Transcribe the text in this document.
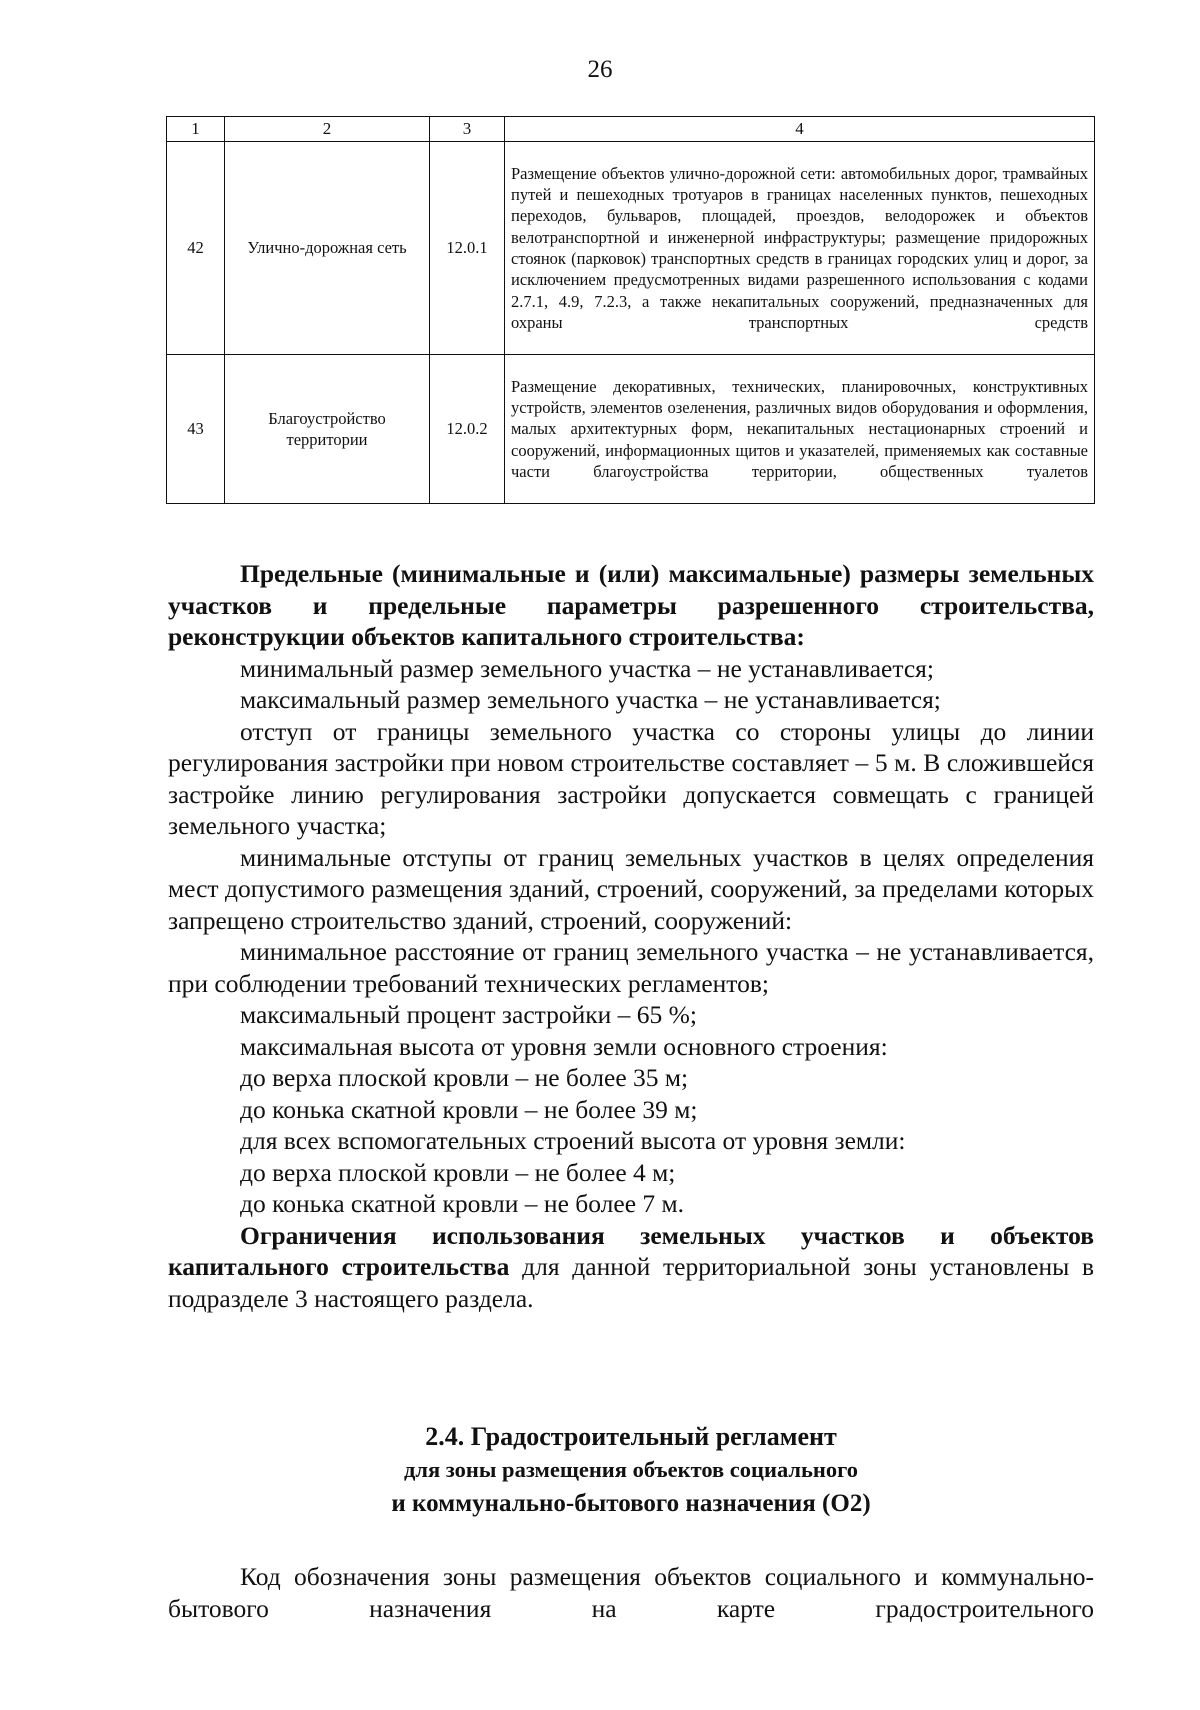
26
1	2	3	4
42	Улично-дорожная сеть	12.0.1	Размещение объектов улично-дорожной сети: автомобильных дорог, трамвайных путей и пешеходных тротуаров в границах населенных пунктов, пешеходных переходов, бульваров, площадей, проездов, велодорожек и объектов велотранспортной и инженерной инфраструктуры; размещение придорожных стоянок (парковок) транспортных средств в границах городских улиц и дорог, за исключением предусмотренных видами разрешенного использования с кодами 2.7.1, 4.9, 7.2.3, а также некапитальных сооружений, предназначенных для охраны транспортных средств
43	Благоустройство территории	12.0.2	Размещение декоративных, технических, планировочных, конструктивных устройств, элементов озеленения, различных видов оборудования и оформления, малых архитектурных форм, некапитальных нестационарных строений и сооружений, информационных щитов и указателей, применяемых как составные части благоустройства территории, общественных туалетов

Предельные (минимальные и (или) максимальные) размеры земельных участков и предельные параметры разрешенного строительства, реконструкции объектов капитального строительства:

минимальный размер земельного участка – не устанавливается;

максимальный размер земельного участка – не устанавливается;

отступ от границы земельного участка со стороны улицы до линии регулирования застройки при новом строительстве составляет – 5 м. В сложившейся застройке линию регулирования застройки допускается совмещать с границей земельного участка;

минимальные отступы от границ земельных участков в целях определения мест допустимого размещения зданий, строений, сооружений, за пределами которых запрещено строительство зданий, строений, сооружений:

минимальное расстояние от границ земельного участка – не устанавливается, при соблюдении требований технических регламентов;

максимальный процент застройки – 65 %;

максимальная высота от уровня земли основного строения:

до верха плоской кровли – не более 35 м;

до конька скатной кровли – не более 39 м;

для всех вспомогательных строений высота от уровня земли:

до верха плоской кровли – не более 4 м;

до конька скатной кровли – не более 7 м.

Ограничения использования земельных участков и объектов капитального строительства для данной территориальной зоны установлены в подразделе 3 настоящего раздела.

2.4. Градостроительный регламент
для зоны размещения объектов социального
и коммунально-бытового назначения (О2)

Код обозначения зоны размещения объектов социального и коммунально-бытового назначения на карте градостроительного
